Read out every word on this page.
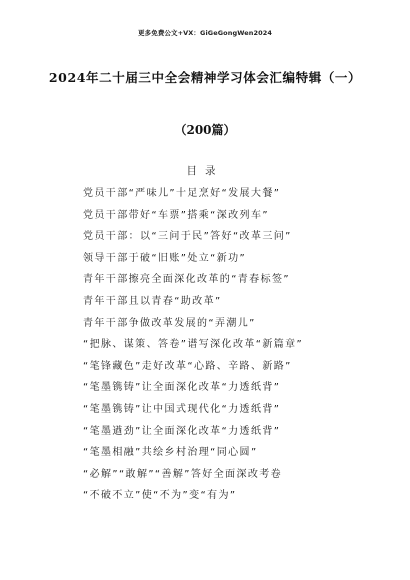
更多免费公文+VX：GiGeGongWen2024
2024年二十届三中全会精神学习体会汇编特辑（一）
（200篇）
目录
党员干部“严味儿”十足烹好“发展大餐”
党员干部带好“车票”搭乘“深改列车”
党员干部：以“三问于民”答好“改革三问”
领导干部于破“旧账”处立“新功”
青年干部擦亮全面深化改革的“青春标签”
青年干部且以青春“助改革”
青年干部争做改革发展的“弄潮儿”
“把脉、谋策、答卷”谱写深化改革“新篇章”
“笔锋藏色”走好改革“心路、辛路、新路”
“笔墨镌铸”让全面深化改革“力透纸背”
“笔墨镌铸”让中国式现代化“力透纸背”
“笔墨遒劲”让全面深化改革“力透纸背”
“笔墨相融”共绘乡村治理“同心圆”
“必解”“敢解”“善解”答好全面深改考卷
“不破不立”使“不为”变“有为”
